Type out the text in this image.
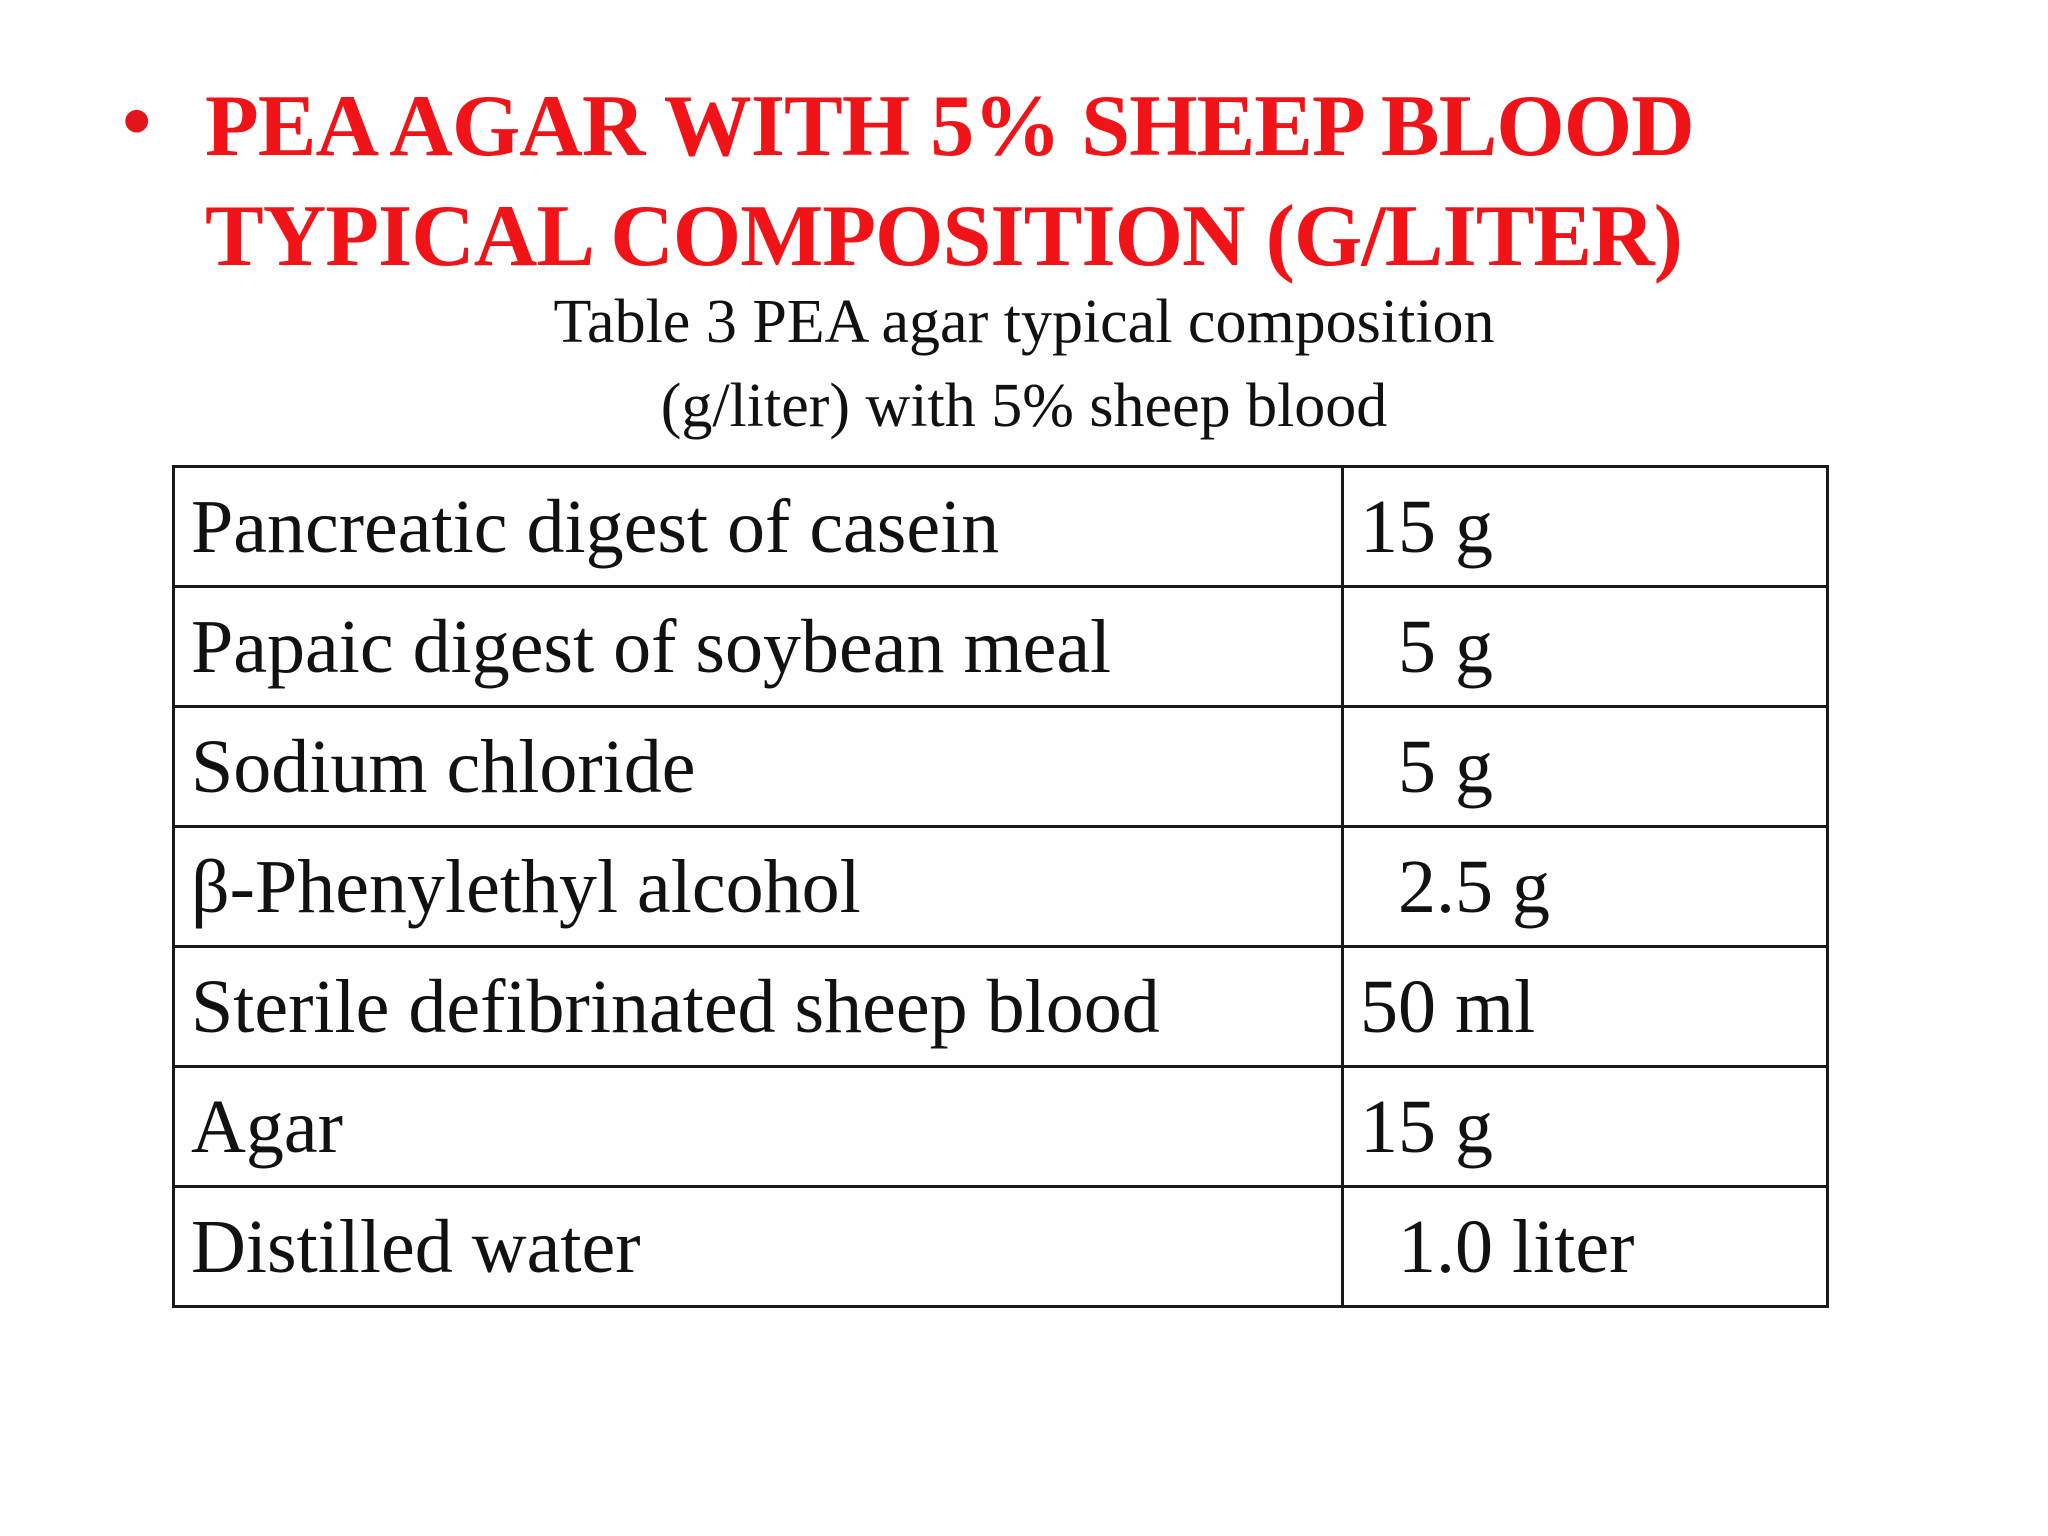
• PEA AGAR WITH 5% SHEEP BLOOD
TYPICAL COMPOSITION (G/LITER)
Table 3 PEA agar typical composition
(g/liter) with 5% sheep blood
Pancreatic digest of casein	15 g
Papaic digest of soybean meal	5 g
Sodium chloride	5 g
β-Phenylethyl alcohol	2.5 g
Sterile defibrinated sheep blood	50 ml
Agar	15 g
Distilled water	1.0 liter
